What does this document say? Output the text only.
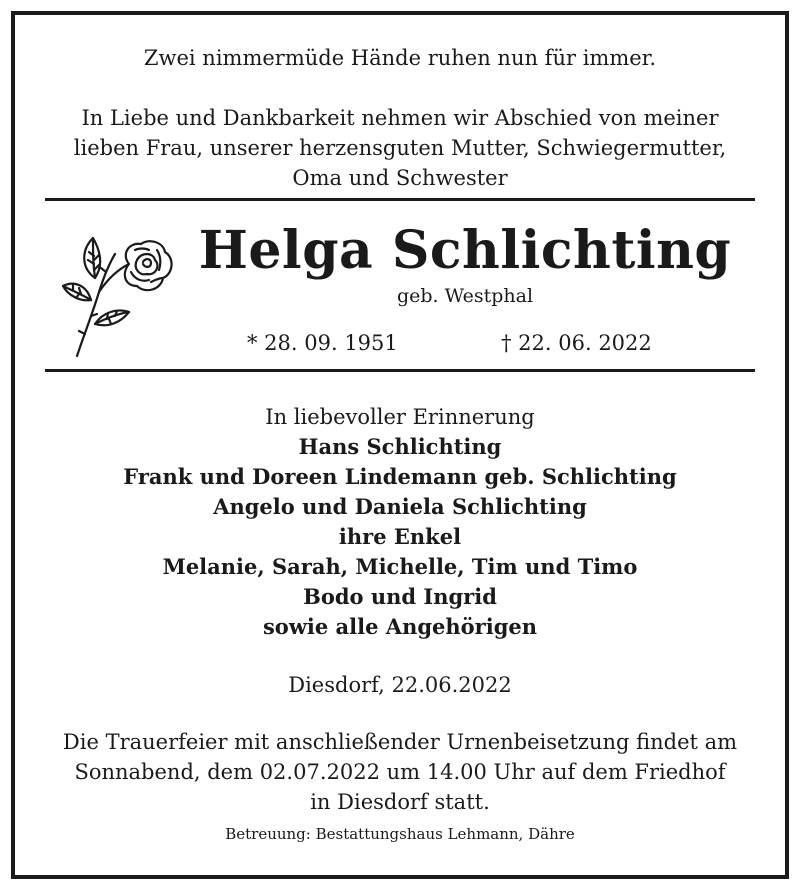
Zwei nimmermüde Hände ruhen nun für immer.
In Liebe und Dankbarkeit nehmen wir Abschied von meiner
lieben Frau, unserer herzensguten Mutter, Schwiegermutter,
Oma und Schwester
Helga Schlichting
geb. Westphal
* 28. 09. 1951	† 22. 06. 2022
In liebevoller Erinnerung
Hans Schlichting
Frank und Doreen Lindemann geb. Schlichting
Angelo und Daniela Schlichting
ihre Enkel
Melanie, Sarah, Michelle, Tim und Timo
Bodo und Ingrid
sowie alle Angehörigen
Diesdorf, 22.06.2022
Die Trauerfeier mit anschließender Urnenbeisetzung findet am
Sonnabend, dem 02.07.2022 um 14.00 Uhr auf dem Friedhof
in Diesdorf statt.
Betreuung: Bestattungshaus Lehmann, Dähre
